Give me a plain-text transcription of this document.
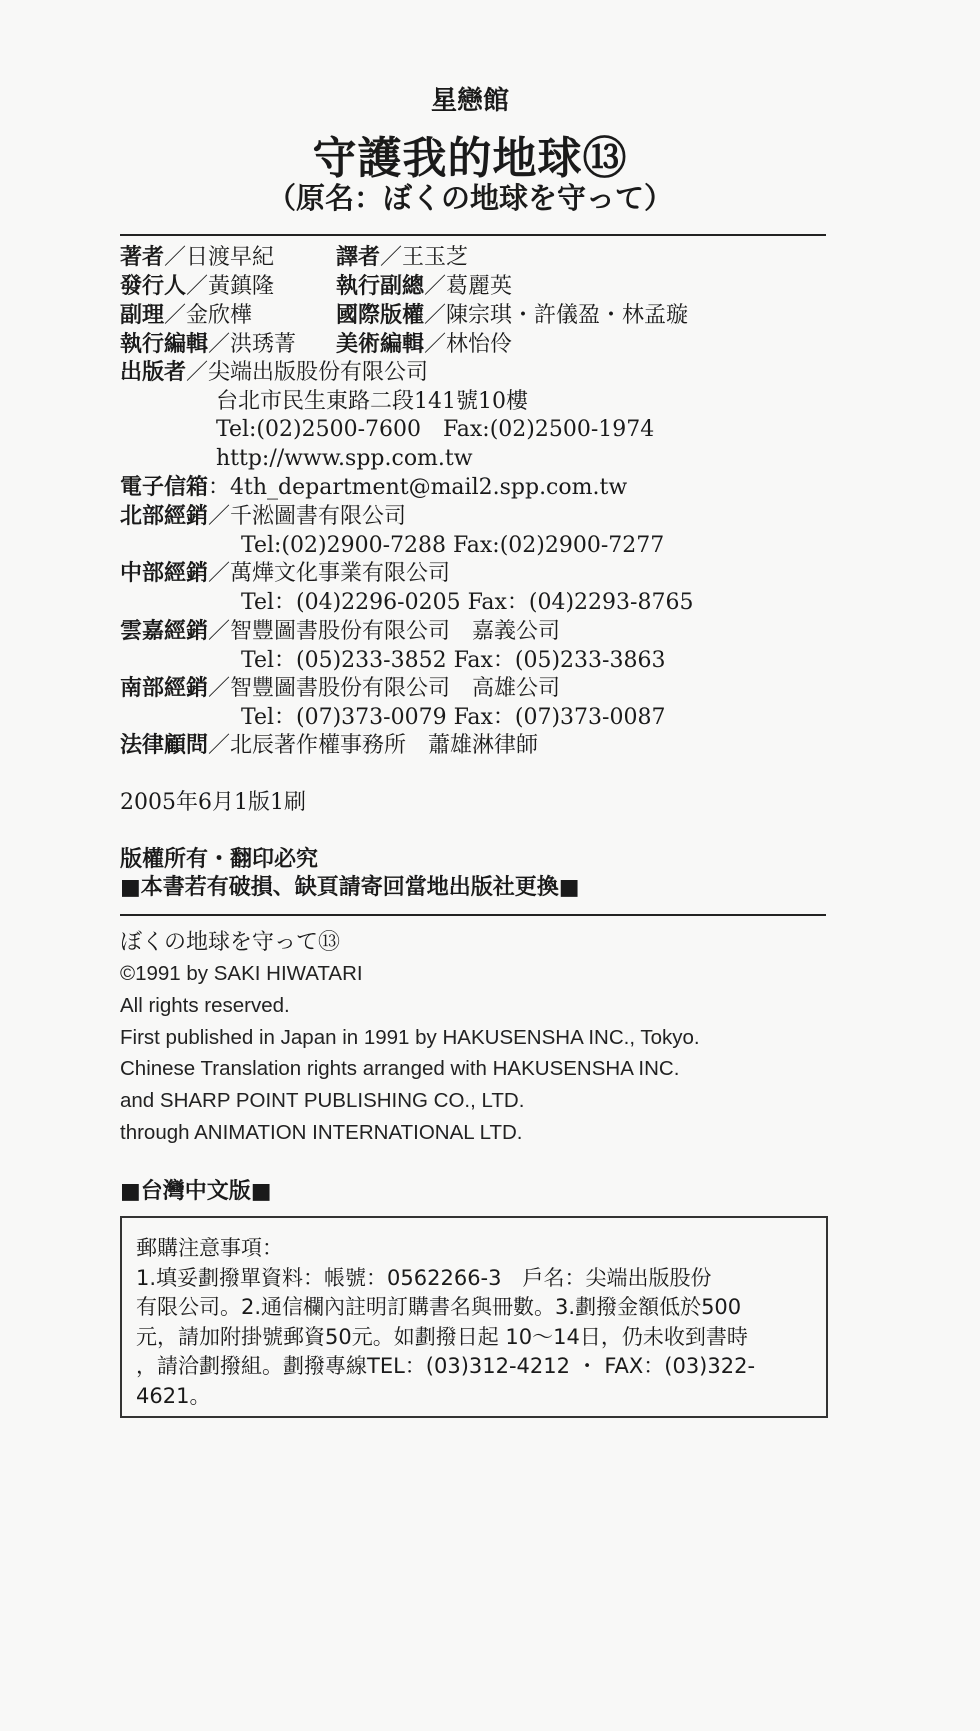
星戀館
守護我的地球⑬
（原名：ぼくの地球を守って）
著者／日渡早紀	譯者／王玉芝
發行人／黃鎮隆	執行副總／葛麗英
副理／金欣樺	國際版權／陳宗琪・許儀盈・林孟璇
執行編輯／洪琇菁 美術編輯／林怡伶
出版者／尖端出版股份有限公司
台北市民生東路二段141號10樓
Tel:(02)2500-7600　Fax:(02)2500-1974
http://www.spp.com.tw
電子信箱：4th_department@mail2.spp.com.tw
北部經銷／千淞圖書有限公司
Tel:(02)2900-7288 Fax:(02)2900-7277
中部經銷／萬燁文化事業有限公司
Tel：(04)2296-0205 Fax：(04)2293-8765
雲嘉經銷／智豐圖書股份有限公司　嘉義公司
Tel：(05)233-3852 Fax：(05)233-3863
南部經銷／智豐圖書股份有限公司　高雄公司
Tel：(07)373-0079 Fax：(07)373-0087
法律顧問／北辰著作權事務所　蕭雄淋律師
2005年6月1版1刷
版權所有・翻印必究
■本書若有破損、缺頁請寄回當地出版社更換■
ぼくの地球を守って⑬
©1991 by SAKI HIWATARI
All rights reserved.
First published in Japan in 1991 by HAKUSENSHA INC., Tokyo.
Chinese Translation rights arranged with HAKUSENSHA INC.
and SHARP POINT PUBLISHING CO., LTD.
through ANIMATION INTERNATIONAL LTD.
■台灣中文版■
郵購注意事項：
1.填妥劃撥單資料：帳號：0562266-3　戶名：尖端出版股份
有限公司。2.通信欄內註明訂購書名與冊數。3.劃撥金額低於500
元，請加附掛號郵資50元。如劃撥日起 10～14日，仍未收到書時
，請洽劃撥組。劃撥專線TEL：(03)312-4212 ・ FAX：(03)322-
4621。
